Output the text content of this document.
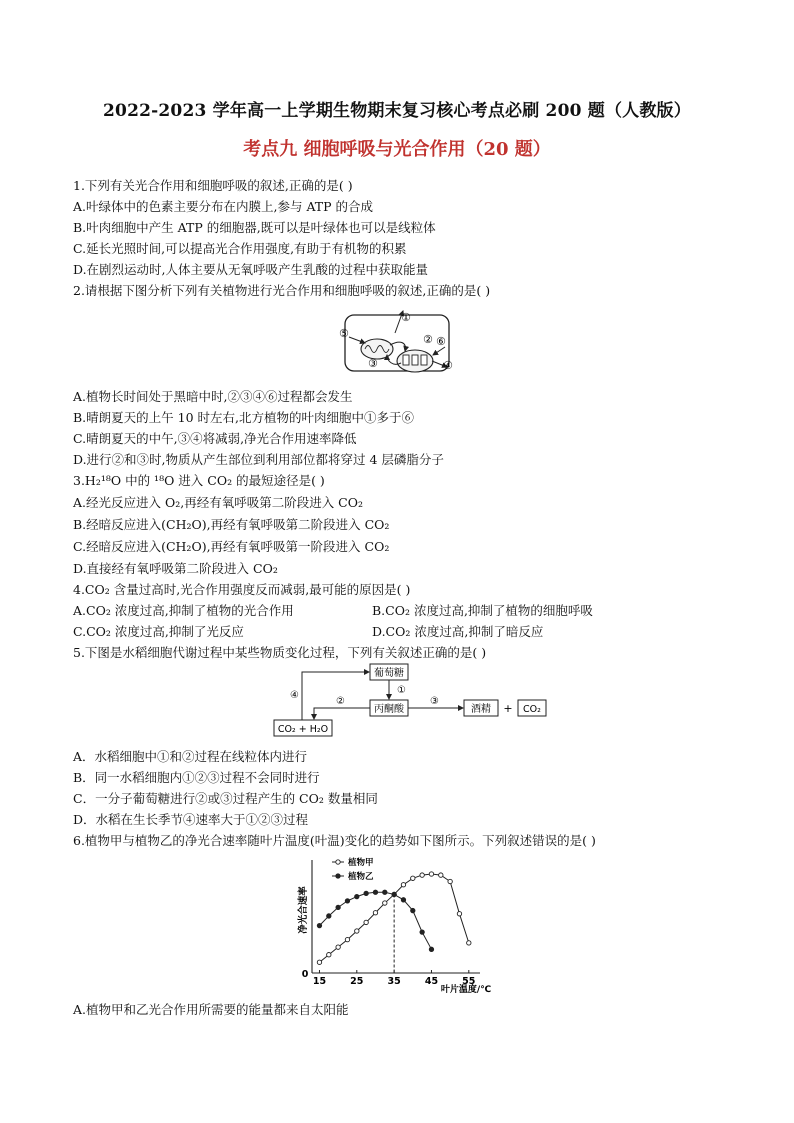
2022-2023 学年高一上学期生物期末复习核心考点必刷 200 题（人教版）
考点九 细胞呼吸与光合作用（20 题）
1.下列有关光合作用和细胞呼吸的叙述,正确的是( )
A.叶绿体中的色素主要分布在内膜上,参与 ATP 的合成
B.叶肉细胞中产生 ATP 的细胞器,既可以是叶绿体也可以是线粒体
C.延长光照时间,可以提高光合作用强度,有助于有机物的积累
D.在剧烈运动时,人体主要从无氧呼吸产生乳酸的过程中获取能量
2.请根据下图分析下列有关植物进行光合作用和细胞呼吸的叙述,正确的是( )
①
②
③	④
⑤
⑥
A.植物长时间处于黑暗中时,②③④⑥过程都会发生
B.晴朗夏天的上午 10 时左右,北方植物的叶肉细胞中①多于⑥
C.晴朗夏天的中午,③④将减弱,净光合作用速率降低
D.进行②和③时,物质从产生部位到利用部位都将穿过 4 层磷脂分子
3.H₂¹⁸O 中的 ¹⁸O 进入 CO₂ 的最短途径是( )
A.经光反应进入 O₂,再经有氧呼吸第二阶段进入 CO₂
B.经暗反应进入(CH₂O),再经有氧呼吸第二阶段进入 CO₂
C.经暗反应进入(CH₂O),再经有氧呼吸第一阶段进入 CO₂
D.直接经有氧呼吸第二阶段进入 CO₂
4.CO₂ 含量过高时,光合作用强度反而减弱,最可能的原因是( )
A.CO₂ 浓度过高,抑制了植物的光合作用	B.CO₂ 浓度过高,抑制了植物的细胞呼吸
C.CO₂ 浓度过高,抑制了光反应	D.CO₂ 浓度过高,抑制了暗反应
5.下图是水稻细胞代谢过程中某些物质变化过程，下列有关叙述正确的是( )
葡萄糖
丙酮酸	酒精 + CO₂
CO₂ + H₂O
①
③
②
④
A．水稻细胞中①和②过程在线粒体内进行
B．同一水稻细胞内①②③过程不会同时进行
C．一分子葡萄糖进行②或③过程产生的 CO₂ 数量相同
D．水稻在生长季节④速率大于①②③过程
6.植物甲与植物乙的净光合速率随叶片温度(叶温)变化的趋势如下图所示。下列叙述错误的是( )
净光合速率
叶片温度/℃
0
15	25	35	45	55
植物甲
植物乙
A.植物甲和乙光合作用所需要的能量都来自太阳能
